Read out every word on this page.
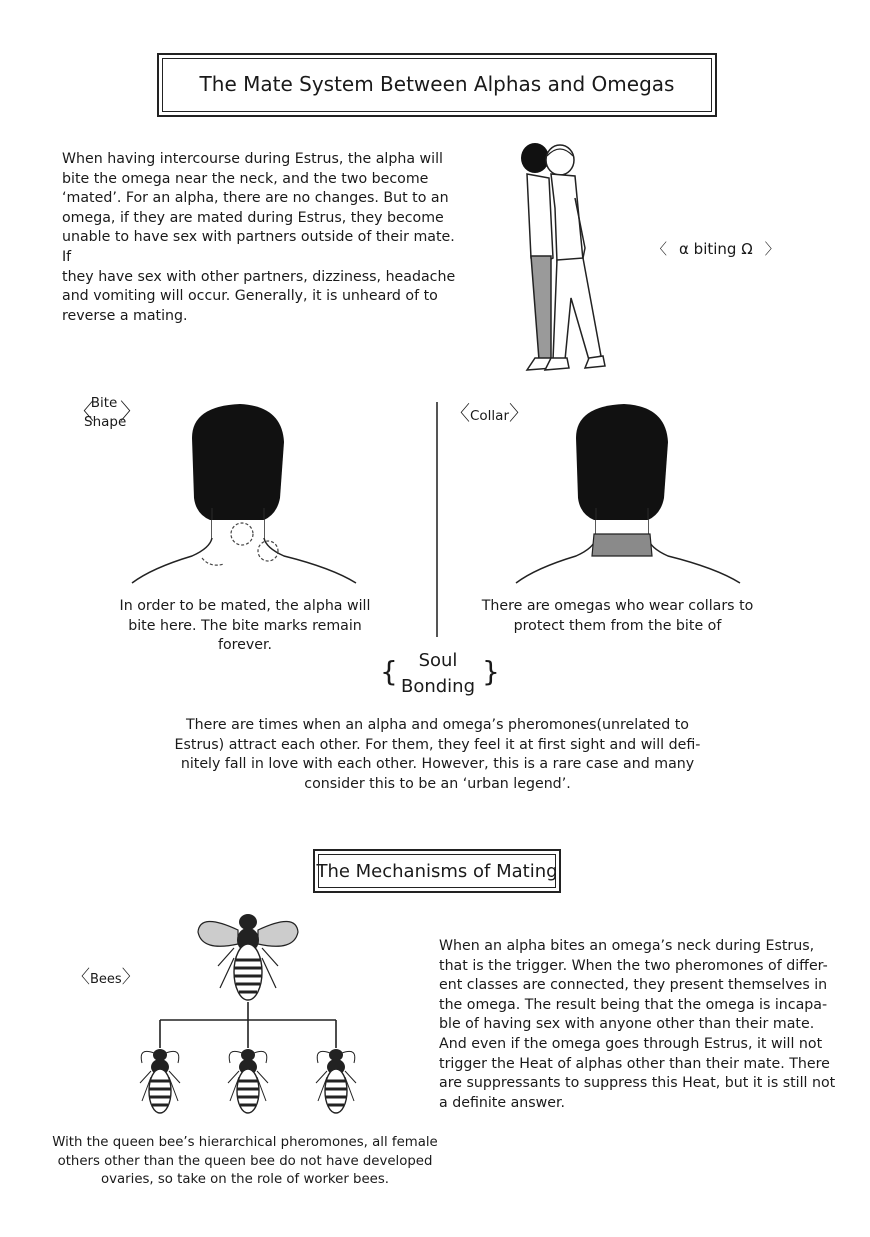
The Mate System Between Alphas and Omegas
When having intercourse during Estrus, the alpha will
bite the omega near the neck, and the two become
‘mated’. For an alpha, there are no changes. But to an
omega, if they are mated during Estrus, they become
unable to have sex with partners outside of their mate. If
they have sex with other partners, dizziness, headache
and vomiting will occur. Generally, it is unheard of to
reverse a mating.
〈 α biting Ω 〉
〈
Bite
Shape
〉	〈Collar〉
In order to be mated, the alpha will
bite here. The bite marks remain
forever.
There are omegas who wear collars to
protect them from the bite of
{	Soul
Bonding }
There are times when an alpha and omega’s pheromones(unrelated to
Estrus) attract each other. For them, they feel it at first sight and will defi-
nitely fall in love with each other. However, this is a rare case and many
consider this to be an ‘urban legend’.
The Mechanisms of Mating
〈Bees〉
With the queen bee’s hierarchical pheromones, all female
others other than the queen bee do not have developed
ovaries, so take on the role of worker bees.
When an alpha bites an omega’s neck during Estrus,
that is the trigger. When the two pheromones of differ-
ent classes are connected, they present themselves in
the omega. The result being that the omega is incapa-
ble of having sex with anyone other than their mate.
And even if the omega goes through Estrus, it will not
trigger the Heat of alphas other than their mate. There
are suppressants to suppress this Heat, but it is still not
a definite answer.
